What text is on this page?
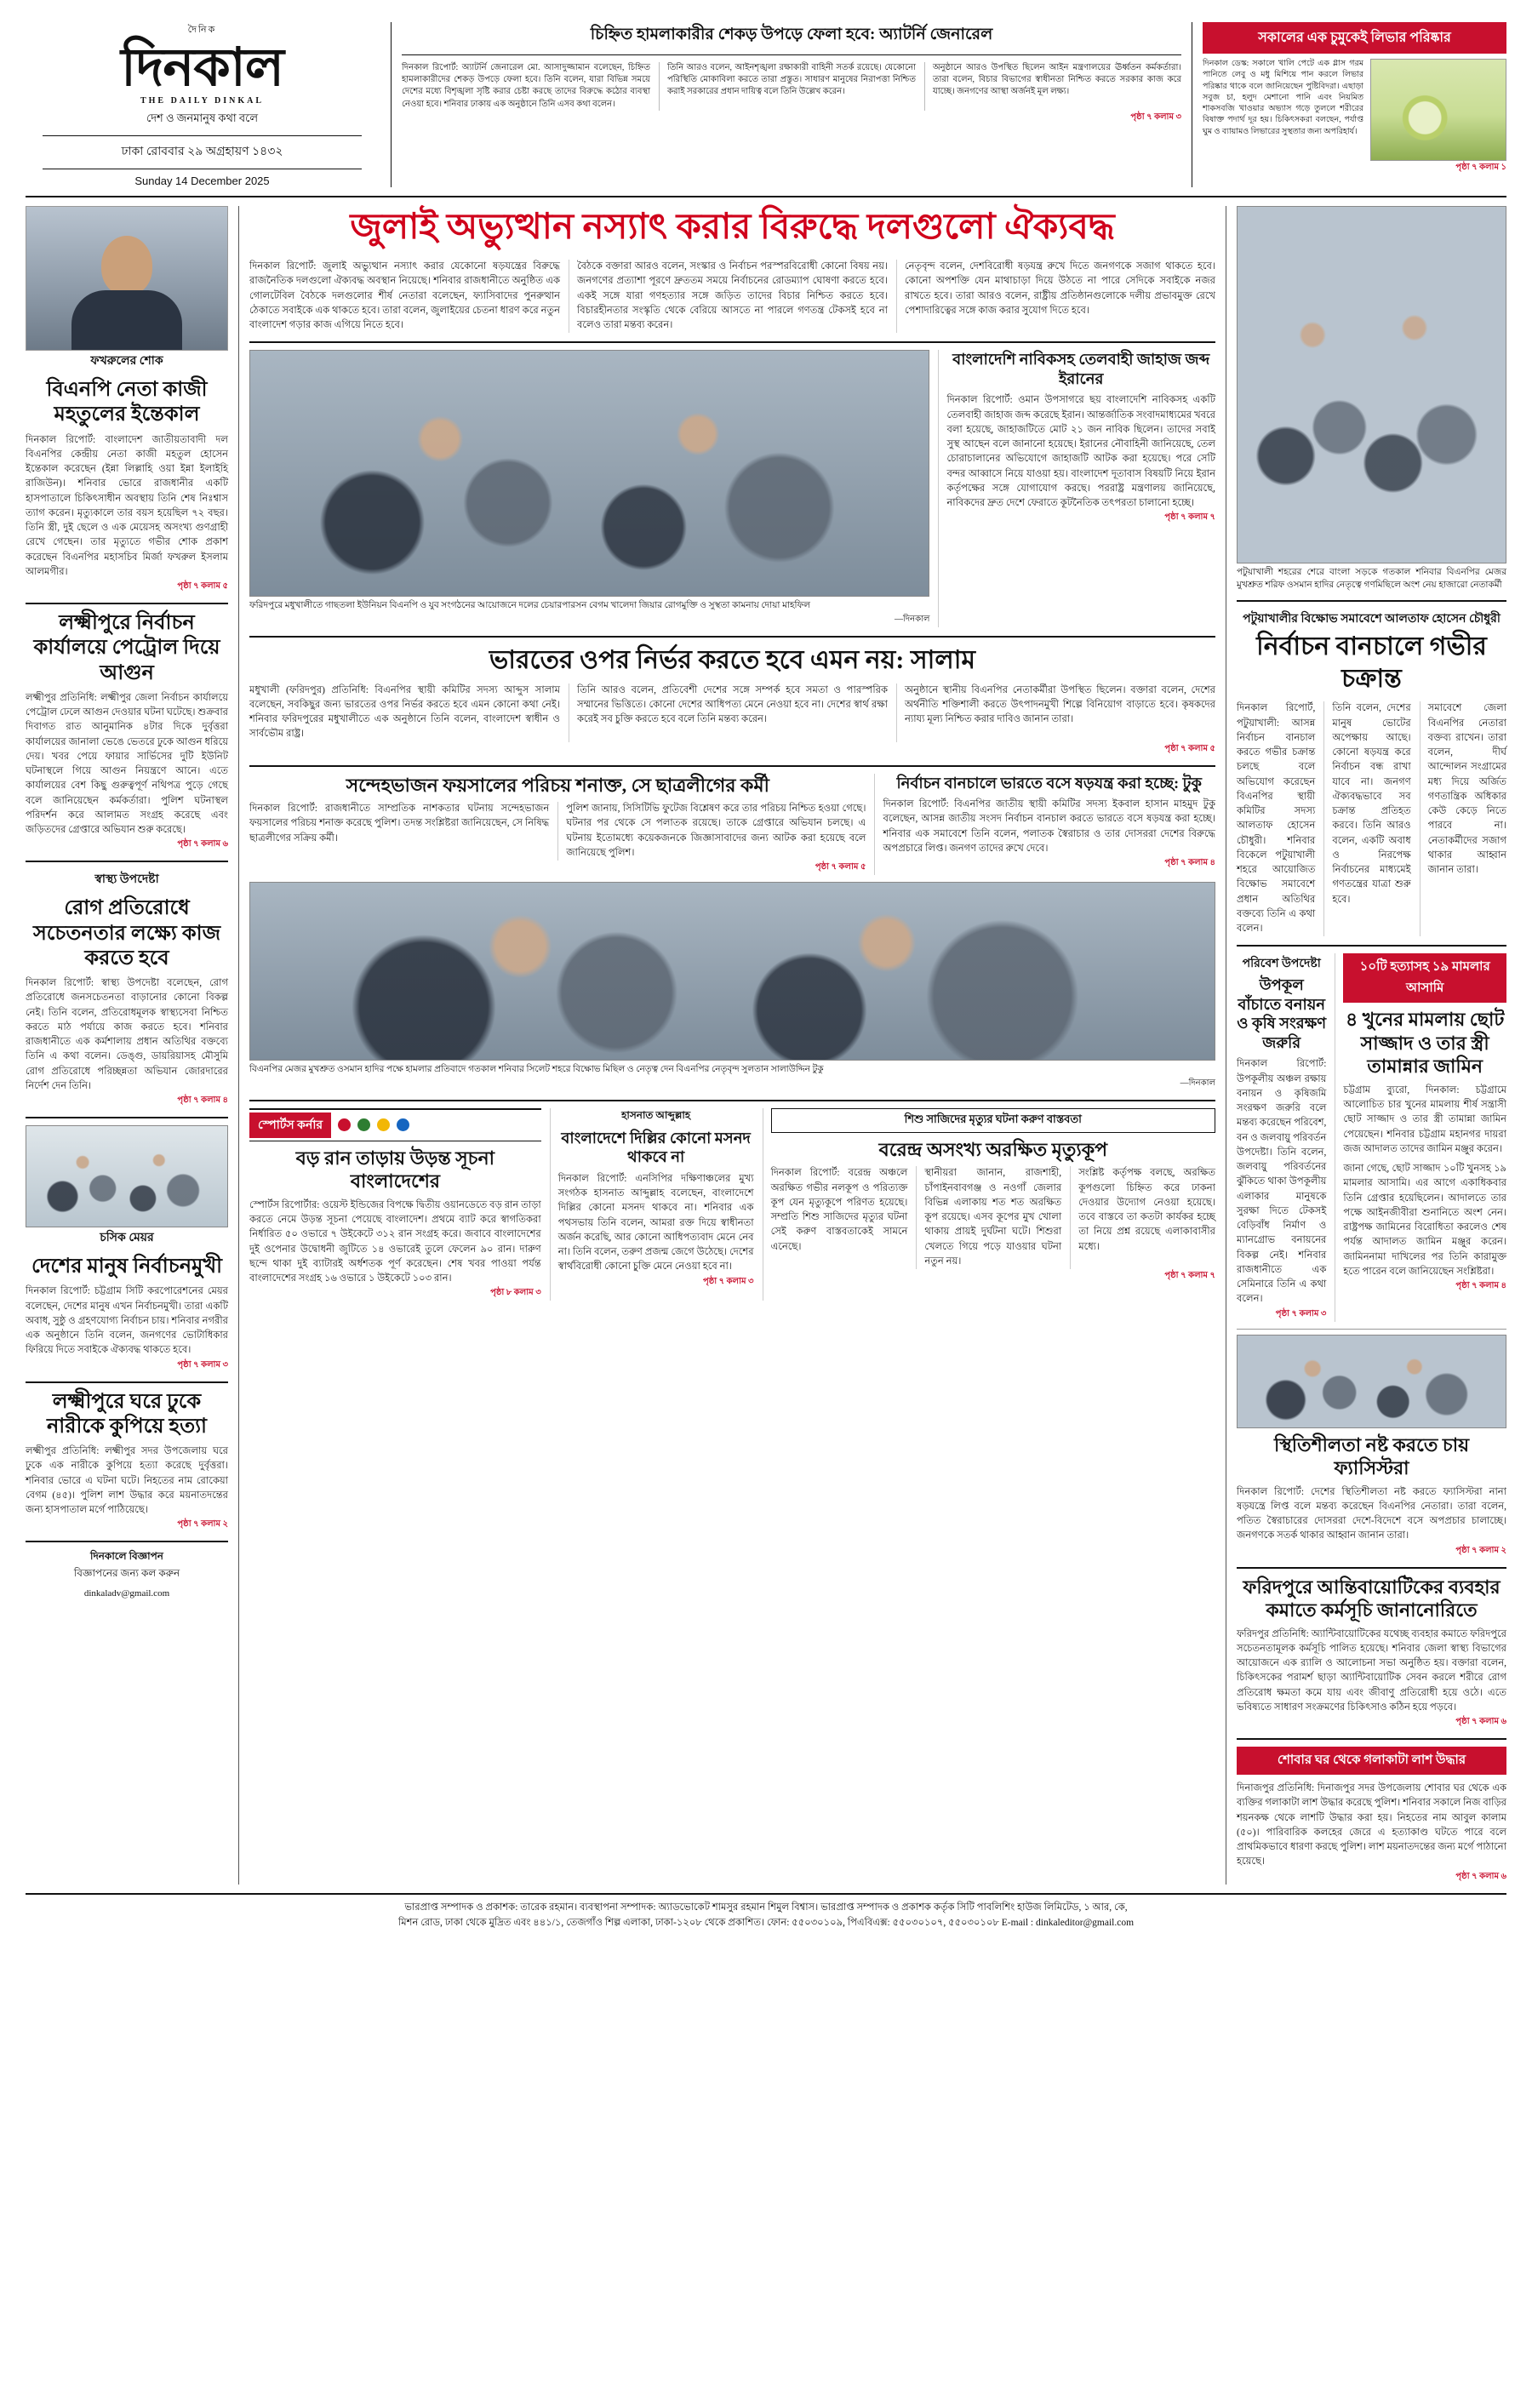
দৈনিক
দিনকাল
THE DAILY DINKAL
দেশ ও জনমানুষ কথা বলে
ঢাকা রোববার ২৯ অগ্রহায়ণ ১৪৩২
Sunday 14 December 2025
চিহ্নিত হামলাকারীর শেকড় উপড়ে ফেলা হবে: অ্যাটর্নি জেনারেল
দিনকাল রিপোর্ট: অ্যাটর্নি জেনারেল মো. আসাদুজ্জামান বলেছেন, চিহ্নিত হামলাকারীদের শেকড় উপড়ে ফেলা হবে। তিনি বলেন, যারা বিভিন্ন সময়ে দেশের মধ্যে বিশৃঙ্খলা সৃষ্টি করার চেষ্টা করছে তাদের বিরুদ্ধে কঠোর ব্যবস্থা নেওয়া হবে। শনিবার ঢাকায় এক অনুষ্ঠানে তিনি এসব কথা বলেন।
তিনি আরও বলেন, আইনশৃঙ্খলা রক্ষাকারী বাহিনী সতর্ক রয়েছে। যেকোনো পরিস্থিতি মোকাবিলা করতে তারা প্রস্তুত। সাধারণ মানুষের নিরাপত্তা নিশ্চিত করাই সরকারের প্রধান দায়িত্ব বলে তিনি উল্লেখ করেন।
অনুষ্ঠানে আরও উপস্থিত ছিলেন আইন মন্ত্রণালয়ের ঊর্ধ্বতন কর্মকর্তারা। তারা বলেন, বিচার বিভাগের স্বাধীনতা নিশ্চিত করতে সরকার কাজ করে যাচ্ছে। জনগণের আস্থা অর্জনই মূল লক্ষ্য।
পৃষ্ঠা ৭ কলাম ৩
সকালের এক চুমুকেই লিভার পরিষ্কার
দিনকাল ডেস্ক: সকালে খালি পেটে এক গ্লাস গরম পানিতে লেবু ও মধু মিশিয়ে পান করলে লিভার পরিষ্কার থাকে বলে জানিয়েছেন পুষ্টিবিদরা। এছাড়া সবুজ চা, হলুদ মেশানো পানি এবং নিয়মিত শাকসবজি খাওয়ার অভ্যাস গড়ে তুললে শরীরের বিষাক্ত পদার্থ দূর হয়। চিকিৎসকরা বলছেন, পর্যাপ্ত ঘুম ও ব্যায়ামও লিভারের সুস্থতার জন্য অপরিহার্য।
পৃষ্ঠা ৭ কলাম ১
ফখরুলের শোক
বিএনপি নেতা কাজী মহতুলের ইন্তেকাল
দিনকাল রিপোর্ট: বাংলাদেশ জাতীয়তাবাদী দল বিএনপির কেন্দ্রীয় নেতা কাজী মহতুল হোসেন ইন্তেকাল করেছেন (ইন্না লিল্লাহি ওয়া ইন্না ইলাইহি রাজিউন)। শনিবার ভোরে রাজধানীর একটি হাসপাতালে চিকিৎসাধীন অবস্থায় তিনি শেষ নিঃশ্বাস ত্যাগ করেন। মৃত্যুকালে তার বয়স হয়েছিল ৭২ বছর। তিনি স্ত্রী, দুই ছেলে ও এক মেয়েসহ অসংখ্য গুণগ্রাহী রেখে গেছেন। তার মৃত্যুতে গভীর শোক প্রকাশ করেছেন বিএনপির মহাসচিব মির্জা ফখরুল ইসলাম আলমগীর।
পৃষ্ঠা ৭ কলাম ৫
লক্ষ্মীপুরে নির্বাচন কার্যালয়ে পেট্রোল দিয়ে আগুন
লক্ষ্মীপুর প্রতিনিধি: লক্ষ্মীপুর জেলা নির্বাচন কার্যালয়ে পেট্রোল ঢেলে আগুন দেওয়ার ঘটনা ঘটেছে। শুক্রবার দিবাগত রাত আনুমানিক ৪টার দিকে দুর্বৃত্তরা কার্যালয়ের জানালা ভেঙে ভেতরে ঢুকে আগুন ধরিয়ে দেয়। খবর পেয়ে ফায়ার সার্ভিসের দুটি ইউনিট ঘটনাস্থলে গিয়ে আগুন নিয়ন্ত্রণে আনে। এতে কার্যালয়ের বেশ কিছু গুরুত্বপূর্ণ নথিপত্র পুড়ে গেছে বলে জানিয়েছেন কর্মকর্তারা। পুলিশ ঘটনাস্থল পরিদর্শন করে আলামত সংগ্রহ করেছে এবং জড়িতদের গ্রেপ্তারে অভিযান শুরু করেছে।
পৃষ্ঠা ৭ কলাম ৬
স্বাস্থ্য উপদেষ্টা
রোগ প্রতিরোধে সচেতনতার লক্ষ্যে কাজ করতে হবে
দিনকাল রিপোর্ট: স্বাস্থ্য উপদেষ্টা বলেছেন, রোগ প্রতিরোধে জনসচেতনতা বাড়ানোর কোনো বিকল্প নেই। তিনি বলেন, প্রতিরোধমূলক স্বাস্থ্যসেবা নিশ্চিত করতে মাঠ পর্যায়ে কাজ করতে হবে। শনিবার রাজধানীতে এক কর্মশালায় প্রধান অতিথির বক্তব্যে তিনি এ কথা বলেন। ডেঙ্গু, ডায়রিয়াসহ মৌসুমি রোগ প্রতিরোধে পরিচ্ছন্নতা অভিযান জোরদারের নির্দেশ দেন তিনি।
পৃষ্ঠা ৭ কলাম ৪
চসিক মেয়র
দেশের মানুষ নির্বাচনমুখী
দিনকাল রিপোর্ট: চট্টগ্রাম সিটি করপোরেশনের মেয়র বলেছেন, দেশের মানুষ এখন নির্বাচনমুখী। তারা একটি অবাধ, সুষ্ঠু ও গ্রহণযোগ্য নির্বাচন চায়। শনিবার নগরীর এক অনুষ্ঠানে তিনি বলেন, জনগণের ভোটাধিকার ফিরিয়ে দিতে সবাইকে ঐক্যবদ্ধ থাকতে হবে।
পৃষ্ঠা ৭ কলাম ৩
লক্ষ্মীপুরে ঘরে ঢুকে নারীকে কুপিয়ে হত্যা
লক্ষ্মীপুর প্রতিনিধি: লক্ষ্মীপুর সদর উপজেলায় ঘরে ঢুকে এক নারীকে কুপিয়ে হত্যা করেছে দুর্বৃত্তরা। শনিবার ভোরে এ ঘটনা ঘটে। নিহতের নাম রোকেয়া বেগম (৪৫)। পুলিশ লাশ উদ্ধার করে ময়নাতদন্তের জন্য হাসপাতাল মর্গে পাঠিয়েছে।
পৃষ্ঠা ৭ কলাম ২
দিনকালে বিজ্ঞাপন
বিজ্ঞাপনের জন্য কল করুন
dinkaladv@gmail.com
জুলাই অভ্যুত্থান নস্যাৎ করার বিরুদ্ধে দলগুলো ঐক্যবদ্ধ
দিনকাল রিপোর্ট: জুলাই অভ্যুত্থান নস্যাৎ করার যেকোনো ষড়যন্ত্রের বিরুদ্ধে রাজনৈতিক দলগুলো ঐক্যবদ্ধ অবস্থান নিয়েছে। শনিবার রাজধানীতে অনুষ্ঠিত এক গোলটেবিল বৈঠকে দলগুলোর শীর্ষ নেতারা বলেছেন, ফ্যাসিবাদের পুনরুত্থান ঠেকাতে সবাইকে এক থাকতে হবে। তারা বলেন, জুলাইয়ের চেতনা ধারণ করে নতুন বাংলাদেশ গড়ার কাজ এগিয়ে নিতে হবে।
বৈঠকে বক্তারা আরও বলেন, সংস্কার ও নির্বাচন পরস্পরবিরোধী কোনো বিষয় নয়। জনগণের প্রত্যাশা পূরণে দ্রুততম সময়ে নির্বাচনের রোডম্যাপ ঘোষণা করতে হবে। একই সঙ্গে যারা গণহত্যার সঙ্গে জড়িত তাদের বিচার নিশ্চিত করতে হবে। বিচারহীনতার সংস্কৃতি থেকে বেরিয়ে আসতে না পারলে গণতন্ত্র টেকসই হবে না বলেও তারা মন্তব্য করেন।
নেতৃবৃন্দ বলেন, দেশবিরোধী ষড়যন্ত্র রুখে দিতে জনগণকে সজাগ থাকতে হবে। কোনো অপশক্তি যেন মাথাচাড়া দিয়ে উঠতে না পারে সেদিকে সবাইকে নজর রাখতে হবে। তারা আরও বলেন, রাষ্ট্রীয় প্রতিষ্ঠানগুলোকে দলীয় প্রভাবমুক্ত রেখে পেশাদারিত্বের সঙ্গে কাজ করার সুযোগ দিতে হবে।
ফরিদপুরে মধুখালীতে গাছতলা ইউনিয়ন বিএনপি ও যুব সংগঠনের আয়োজনে দলের চেয়ারপারসন বেগম খালেদা জিয়ার রোগমুক্তি ও সুস্থতা কামনায় দোয়া মাহফিল
—দিনকাল
বাংলাদেশি নাবিকসহ তেলবাহী জাহাজ জব্দ ইরানের
দিনকাল রিপোর্ট: ওমান উপসাগরে ছয় বাংলাদেশি নাবিকসহ একটি তেলবাহী জাহাজ জব্দ করেছে ইরান। আন্তর্জাতিক সংবাদমাধ্যমের খবরে বলা হয়েছে, জাহাজটিতে মোট ২১ জন নাবিক ছিলেন। তাদের সবাই সুস্থ আছেন বলে জানানো হয়েছে। ইরানের নৌবাহিনী জানিয়েছে, তেল চোরাচালানের অভিযোগে জাহাজটি আটক করা হয়েছে। পরে সেটি বন্দর আব্বাসে নিয়ে যাওয়া হয়। বাংলাদেশ দূতাবাস বিষয়টি নিয়ে ইরান কর্তৃপক্ষের সঙ্গে যোগাযোগ করছে। পররাষ্ট্র মন্ত্রণালয় জানিয়েছে, নাবিকদের দ্রুত দেশে ফেরাতে কূটনৈতিক তৎপরতা চালানো হচ্ছে।
পৃষ্ঠা ৭ কলাম ৭
ভারতের ওপর নির্ভর করতে হবে এমন নয়: সালাম
মধুখালী (ফরিদপুর) প্রতিনিধি: বিএনপির স্থায়ী কমিটির সদস্য আব্দুস সালাম বলেছেন, সবকিছুর জন্য ভারতের ওপর নির্ভর করতে হবে এমন কোনো কথা নেই। শনিবার ফরিদপুরের মধুখালীতে এক অনুষ্ঠানে তিনি বলেন, বাংলাদেশ স্বাধীন ও সার্বভৌম রাষ্ট্র।
তিনি আরও বলেন, প্রতিবেশী দেশের সঙ্গে সম্পর্ক হবে সমতা ও পারস্পরিক সম্মানের ভিত্তিতে। কোনো দেশের আধিপত্য মেনে নেওয়া হবে না। দেশের স্বার্থ রক্ষা করেই সব চুক্তি করতে হবে বলে তিনি মন্তব্য করেন।
অনুষ্ঠানে স্থানীয় বিএনপির নেতাকর্মীরা উপস্থিত ছিলেন। বক্তারা বলেন, দেশের অর্থনীতি শক্তিশালী করতে উৎপাদনমুখী শিল্পে বিনিয়োগ বাড়াতে হবে। কৃষকদের ন্যায্য মূল্য নিশ্চিত করার দাবিও জানান তারা।
পৃষ্ঠা ৭ কলাম ৫
সন্দেহভাজন ফয়সালের পরিচয় শনাক্ত, সে ছাত্রলীগের কর্মী
দিনকাল রিপোর্ট: রাজধানীতে সাম্প্রতিক নাশকতার ঘটনায় সন্দেহভাজন ফয়সালের পরিচয় শনাক্ত করেছে পুলিশ। তদন্ত সংশ্লিষ্টরা জানিয়েছেন, সে নিষিদ্ধ ছাত্রলীগের সক্রিয় কর্মী।
পুলিশ জানায়, সিসিটিভি ফুটেজ বিশ্লেষণ করে তার পরিচয় নিশ্চিত হওয়া গেছে। ঘটনার পর থেকে সে পলাতক রয়েছে। তাকে গ্রেপ্তারে অভিযান চলছে। এ ঘটনায় ইতোমধ্যে কয়েকজনকে জিজ্ঞাসাবাদের জন্য আটক করা হয়েছে বলে জানিয়েছে পুলিশ।
পৃষ্ঠা ৭ কলাম ৫
নির্বাচন বানচালে ভারতে বসে ষড়যন্ত্র করা হচ্ছে: টুকু
দিনকাল রিপোর্ট: বিএনপির জাতীয় স্থায়ী কমিটির সদস্য ইকবাল হাসান মাহমুদ টুকু বলেছেন, আসন্ন জাতীয় সংসদ নির্বাচন বানচাল করতে ভারতে বসে ষড়যন্ত্র করা হচ্ছে। শনিবার এক সমাবেশে তিনি বলেন, পলাতক স্বৈরাচার ও তার দোসররা দেশের বিরুদ্ধে অপপ্রচারে লিপ্ত। জনগণ তাদের রুখে দেবে।
পৃষ্ঠা ৭ কলাম ৪
বিএনপির মেজর মুখশ্রুত ওসমান হাদির পক্ষে হামলার প্রতিবাদে গতকাল শনিবার সিলেট শহরে বিক্ষোভ মিছিল ও নেতৃত্ব দেন বিএনপির নেতৃবৃন্দ সুলতান সালাউদ্দিন টুকু
—দিনকাল
স্পোর্টস কর্নার
বড় রান তাড়ায় উড়ন্ত সূচনা বাংলাদেশের
স্পোর্টস রিপোর্টার: ওয়েস্ট ইন্ডিজের বিপক্ষে দ্বিতীয় ওয়ানডেতে বড় রান তাড়া করতে নেমে উড়ন্ত সূচনা পেয়েছে বাংলাদেশ। প্রথমে ব্যাট করে স্বাগতিকরা নির্ধারিত ৫০ ওভারে ৭ উইকেটে ৩১২ রান সংগ্রহ করে। জবাবে বাংলাদেশের দুই ওপেনার উদ্বোধনী জুটিতে ১৪ ওভারেই তুলে ফেলেন ৯০ রান। দারুণ ছন্দে থাকা দুই ব্যাটারই অর্ধশতক পূর্ণ করেছেন। শেষ খবর পাওয়া পর্যন্ত বাংলাদেশের সংগ্রহ ১৬ ওভারে ১ উইকেটে ১০৩ রান।
পৃষ্ঠা ৮ কলাম ৩
হাসনাত আব্দুল্লাহ
বাংলাদেশে দিল্লির কোনো মসনদ থাকবে না
দিনকাল রিপোর্ট: এনসিপির দক্ষিণাঞ্চলের মুখ্য সংগঠক হাসনাত আব্দুল্লাহ বলেছেন, বাংলাদেশে দিল্লির কোনো মসনদ থাকবে না। শনিবার এক পথসভায় তিনি বলেন, আমরা রক্ত দিয়ে স্বাধীনতা অর্জন করেছি, আর কোনো আধিপত্যবাদ মেনে নেব না। তিনি বলেন, তরুণ প্রজন্ম জেগে উঠেছে। দেশের স্বার্থবিরোধী কোনো চুক্তি মেনে নেওয়া হবে না।
পৃষ্ঠা ৭ কলাম ৩
শিশু সাজিদের মৃত্যুর ঘটনা করুণ বাস্তবতা
বরেন্দ্র অসংখ্য অরক্ষিত মৃত্যুকূপ
দিনকাল রিপোর্ট: বরেন্দ্র অঞ্চলে অরক্ষিত গভীর নলকূপ ও পরিত্যক্ত কূপ যেন মৃত্যুকূপে পরিণত হয়েছে। সম্প্রতি শিশু সাজিদের মৃত্যুর ঘটনা সেই করুণ বাস্তবতাকেই সামনে এনেছে।
স্থানীয়রা জানান, রাজশাহী, চাঁপাইনবাবগঞ্জ ও নওগাঁ জেলার বিভিন্ন এলাকায় শত শত অরক্ষিত কূপ রয়েছে। এসব কূপের মুখ খোলা থাকায় প্রায়ই দুর্ঘটনা ঘটে। শিশুরা খেলতে গিয়ে পড়ে যাওয়ার ঘটনা নতুন নয়।
সংশ্লিষ্ট কর্তৃপক্ষ বলছে, অরক্ষিত কূপগুলো চিহ্নিত করে ঢাকনা দেওয়ার উদ্যোগ নেওয়া হয়েছে। তবে বাস্তবে তা কতটা কার্যকর হচ্ছে তা নিয়ে প্রশ্ন রয়েছে এলাকাবাসীর মধ্যে।
পৃষ্ঠা ৭ কলাম ৭
পটুয়াখালী শহরের শেরে বাংলা সড়কে গতকাল শনিবার বিএনপির মেজর মুখশ্রুত শরিফ ওসমান হাদির নেতৃত্বে গণমিছিলে অংশ নেয় হাজারো নেতাকর্মী
পটুয়াখালীর বিক্ষোভ সমাবেশে আলতাফ হোসেন চৌধুরী
নির্বাচন বানচালে গভীর চক্রান্ত
দিনকাল রিপোর্ট, পটুয়াখালী: আসন্ন নির্বাচন বানচাল করতে গভীর চক্রান্ত চলছে বলে অভিযোগ করেছেন বিএনপির স্থায়ী কমিটির সদস্য আলতাফ হোসেন চৌধুরী। শনিবার বিকেলে পটুয়াখালী শহরে আয়োজিত বিক্ষোভ সমাবেশে প্রধান অতিথির বক্তব্যে তিনি এ কথা বলেন।
তিনি বলেন, দেশের মানুষ ভোটের অপেক্ষায় আছে। কোনো ষড়যন্ত্র করে নির্বাচন বন্ধ রাখা যাবে না। জনগণ ঐক্যবদ্ধভাবে সব চক্রান্ত প্রতিহত করবে। তিনি আরও বলেন, একটি অবাধ ও নিরপেক্ষ নির্বাচনের মাধ্যমেই গণতন্ত্রের যাত্রা শুরু হবে।
সমাবেশে জেলা বিএনপির নেতারা বক্তব্য রাখেন। তারা বলেন, দীর্ঘ আন্দোলন সংগ্রামের মধ্য দিয়ে অর্জিত গণতান্ত্রিক অধিকার কেউ কেড়ে নিতে পারবে না। নেতাকর্মীদের সজাগ থাকার আহ্বান জানান তারা।
পরিবেশ উপদেষ্টা
উপকূল বাঁচাতে বনায়ন ও কৃষি সংরক্ষণ জরুরি
দিনকাল রিপোর্ট: উপকূলীয় অঞ্চল রক্ষায় বনায়ন ও কৃষিজমি সংরক্ষণ জরুরি বলে মন্তব্য করেছেন পরিবেশ, বন ও জলবায়ু পরিবর্তন উপদেষ্টা। তিনি বলেন, জলবায়ু পরিবর্তনের ঝুঁকিতে থাকা উপকূলীয় এলাকার মানুষকে সুরক্ষা দিতে টেকসই বেড়িবাঁধ নির্মাণ ও ম্যানগ্রোভ বনায়নের বিকল্প নেই। শনিবার রাজধানীতে এক সেমিনারে তিনি এ কথা বলেন।
পৃষ্ঠা ৭ কলাম ৩
১০টি হত্যাসহ ১৯ মামলার আসামি
৪ খুনের মামলায় ছোট সাজ্জাদ ও তার স্ত্রী তামান্নার জামিন
চট্টগ্রাম ব্যুরো, দিনকাল: চট্টগ্রামে আলোচিত চার খুনের মামলায় শীর্ষ সন্ত্রাসী ছোট সাজ্জাদ ও তার স্ত্রী তামান্না জামিন পেয়েছেন। শনিবার চট্টগ্রাম মহানগর দায়রা জজ আদালত তাদের জামিন মঞ্জুর করেন।
জানা গেছে, ছোট সাজ্জাদ ১০টি খুনসহ ১৯ মামলার আসামি। এর আগে একাধিকবার তিনি গ্রেপ্তার হয়েছিলেন। আদালতে তার পক্ষে আইনজীবীরা শুনানিতে অংশ নেন। রাষ্ট্রপক্ষ জামিনের বিরোধিতা করলেও শেষ পর্যন্ত আদালত জামিন মঞ্জুর করেন। জামিননামা দাখিলের পর তিনি কারামুক্ত হতে পারেন বলে জানিয়েছেন সংশ্লিষ্টরা।
পৃষ্ঠা ৭ কলাম ৪
স্থিতিশীলতা নষ্ট করতে চায় ফ্যাসিস্টরা
দিনকাল রিপোর্ট: দেশের স্থিতিশীলতা নষ্ট করতে ফ্যাসিস্টরা নানা ষড়যন্ত্রে লিপ্ত বলে মন্তব্য করেছেন বিএনপির নেতারা। তারা বলেন, পতিত স্বৈরাচারের দোসররা দেশে-বিদেশে বসে অপপ্রচার চালাচ্ছে। জনগণকে সতর্ক থাকার আহ্বান জানান তারা।
পৃষ্ঠা ৭ কলাম ২
ফরিদপুরে আন্তিবায়োটিকের ব্যবহার কমাতে কর্মসূচি জানানোরিতে
ফরিদপুর প্রতিনিধি: অ্যান্টিবায়োটিকের যথেচ্ছ ব্যবহার কমাতে ফরিদপুরে সচেতনতামূলক কর্মসূচি পালিত হয়েছে। শনিবার জেলা স্বাস্থ্য বিভাগের আয়োজনে এক র‍্যালি ও আলোচনা সভা অনুষ্ঠিত হয়। বক্তারা বলেন, চিকিৎসকের পরামর্শ ছাড়া অ্যান্টিবায়োটিক সেবন করলে শরীরে রোগ প্রতিরোধ ক্ষমতা কমে যায় এবং জীবাণু প্রতিরোধী হয়ে ওঠে। এতে ভবিষ্যতে সাধারণ সংক্রমণের চিকিৎসাও কঠিন হয়ে পড়বে।
পৃষ্ঠা ৭ কলাম ৬
শোবার ঘর থেকে গলাকাটা লাশ উদ্ধার
দিনাজপুর প্রতিনিধি: দিনাজপুর সদর উপজেলায় শোবার ঘর থেকে এক ব্যক্তির গলাকাটা লাশ উদ্ধার করেছে পুলিশ। শনিবার সকালে নিজ বাড়ির শয়নকক্ষ থেকে লাশটি উদ্ধার করা হয়। নিহতের নাম আবুল কালাম (৫০)। পারিবারিক কলহের জেরে এ হত্যাকাণ্ড ঘটতে পারে বলে প্রাথমিকভাবে ধারণা করছে পুলিশ। লাশ ময়নাতদন্তের জন্য মর্গে পাঠানো হয়েছে।
পৃষ্ঠা ৭ কলাম ৬
ভারপ্রাপ্ত সম্পাদক ও প্রকাশক: তারেক রহমান। ব্যবস্থাপনা সম্পাদক: অ্যাডভোকেট শামসুর রহমান শিমুল বিশ্বাস। ভারপ্রাপ্ত সম্পাদক ও প্রকাশক কর্তৃক সিটি পাবলিশিং হাউজ লিমিটেড, ১ আর, কে,
মিশন রোড, ঢাকা থেকে মুদ্রিত এবং ৪৪১/১, তেজগাঁও শিল্প এলাকা, ঢাকা-১২০৮ থেকে প্রকাশিত। ফোন: ৫৫০৩০১০৯, পিএবিএক্স: ৫৫০৩০১০৭, ৫৫০৩০১০৮ E-mail : dinkaleditor@gmail.com
